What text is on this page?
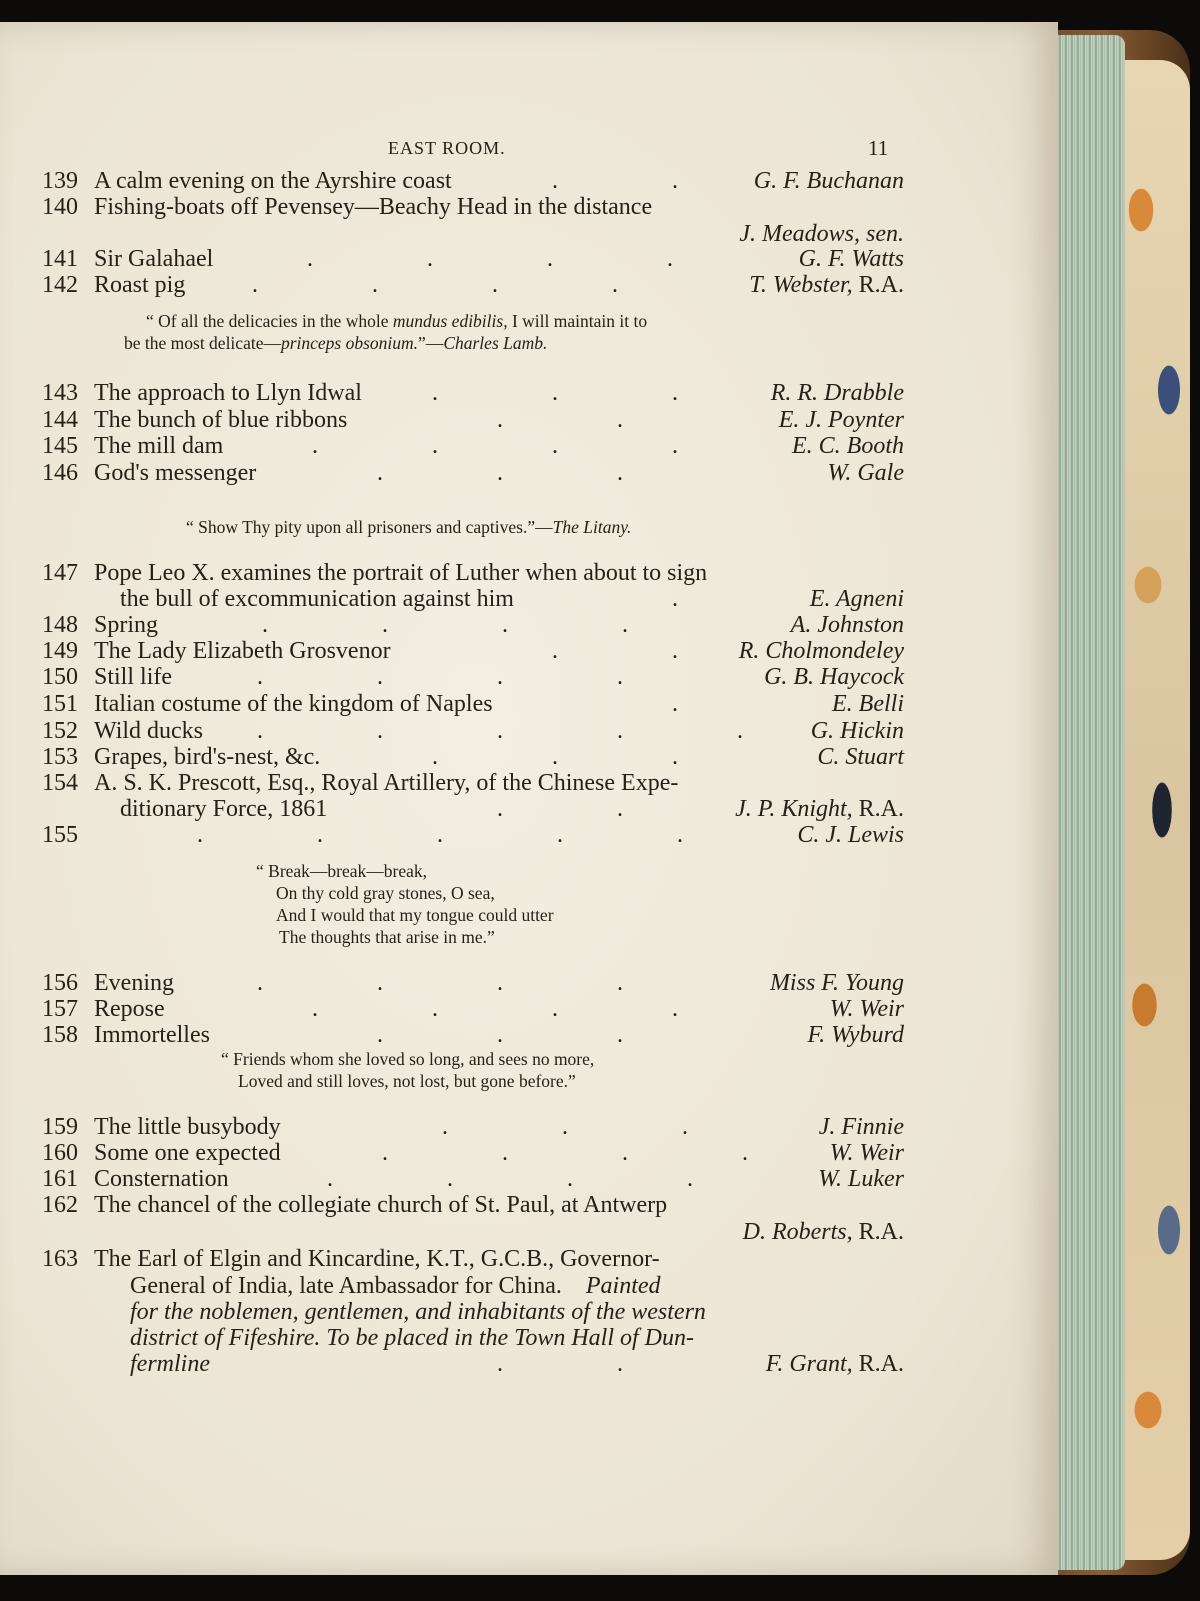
EAST ROOM.	11
139 A calm evening on the Ayrshire coast	.	.	G. F. Buchanan
140 Fishing-boats off Pevensey—Beachy Head in the distance
J. Meadows, sen.
141 Sir Galahael	.	.	.	.	G. F. Watts
142 Roast pig	.	.	.	.	T. Webster, R.A.
“ Of all the delicacies in the whole mundus edibilis, I will maintain it to
be the most delicate—princeps obsonium.”—Charles Lamb.
143 The approach to Llyn Idwal	.	.	.	R. R. Drabble
144 The bunch of blue ribbons	.	.	E. J. Poynter
145 The mill dam	.	.	.	.	E. C. Booth
146 God's messenger	.	.	.	W. Gale
“ Show Thy pity upon all prisoners and captives.”—The Litany.
147 Pope Leo X. examines the portrait of Luther when about to sign
the bull of excommunication against him	.	E. Agneni
148 Spring	.	.	.	.	A. Johnston
149 The Lady Elizabeth Grosvenor	.	.	R. Cholmondeley
150 Still life	.	.	.	.	G. B. Haycock
151 Italian costume of the kingdom of Naples	.	E. Belli
152 Wild ducks .	.	.	.	.	G. Hickin
153 Grapes, bird's-nest, &c.	.	.	.	C. Stuart
154 A. S. K. Prescott, Esq., Royal Artillery, of the Chinese Expe-
ditionary Force, 1861	.	.	J. P. Knight, R.A.
155	.	.	.	.	.	C. J. Lewis
“ Break—break—break,
On thy cold gray stones, O sea,
And I would that my tongue could utter
The thoughts that arise in me.”
156 Evening	.	.	.	.	Miss F. Young
157 Repose	.	.	.	.	W. Weir
158 Immortelles	.	.	.	F. Wyburd
“ Friends whom she loved so long, and sees no more,
Loved and still loves, not lost, but gone before.”
159 The little busybody	.	.	.	J. Finnie
160 Some one expected	.	.	.	.	W. Weir
161 Consternation	.	.	.	.	W. Luker
162 The chancel of the collegiate church of St. Paul, at Antwerp
D. Roberts, R.A.
163 The Earl of Elgin and Kincardine, K.T., G.C.B., Governor-
General of India, late Ambassador for China. Painted
for the noblemen, gentlemen, and inhabitants of the western
district of Fifeshire. To be placed in the Town Hall of Dun-
fermline	.	.	F. Grant, R.A.
